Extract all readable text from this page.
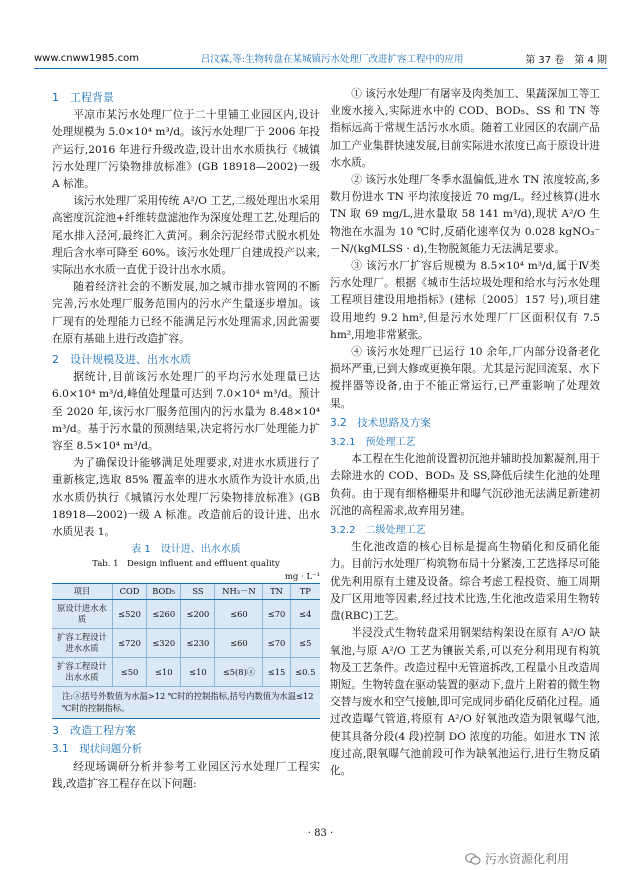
www.cnww1985.com	吕汶霖,等:生物转盘在某城镇污水处理厂改进扩容工程中的应用	第 37 卷　第 4 期
1　工程背景

平凉市某污水处理厂位于二十里铺工业园区内,设计处理规模为 5.0×10⁴ m³/d。该污水处理厂于 2006 年投产运行,2016 年进行升级改造,设计出水水质执行《城镇污水处理厂污染物排放标准》(GB 18918—2002)一级 A 标准。

该污水处理厂采用传统 A²/O 工艺,二级处理出水采用高密度沉淀池+纤维转盘滤池作为深度处理工艺,处理后的尾水排入泾河,最终汇入黄河。剩余污泥经带式脱水机处理后含水率可降至 60%。该污水处理厂自建成投产以来,实际出水水质一直优于设计出水水质。

随着经济社会的不断发展,加之城市排水管网的不断完善,污水处理厂服务范围内的污水产生量逐步增加。该厂现有的处理能力已经不能满足污水处理需求,因此需要在原有基础上进行改造扩容。

2　设计规模及进、出水水质

据统计,目前该污水处理厂的平均污水处理量已达 6.0×10⁴ m³/d,峰值处理量可达到 7.0×10⁴ m³/d。预计至 2020 年,该污水厂服务范围内的污水量为 8.48×10⁴ m³/d。基于污水量的预测结果,决定将污水厂处理能力扩容至 8.5×10⁴ m³/d。

为了确保设计能够满足处理要求,对进水水质进行了重新核定,选取 85% 覆盖率的进水水质作为设计水质,出水水质仍执行《城镇污水处理厂污染物排放标准》(GB 18918—2002)一级 A 标准。改造前后的设计进、出水水质见表 1。

表 1　设计进、出水水质
Tab. 1　Design influent and effluent quality
mg · L⁻¹
项目	COD	BOD₅	SS	NH₃－N	TN	TP
原设计进水水质	≤520	≤260	≤200	≤60	≤70	≤4
扩容工程设计进水水质	≤720	≤320	≤230	≤60	≤70	≤5
扩容工程设计出水水质	≤50	≤10	≤10	≤5(8)ⓐ	≤15	≤0.5
注:ⓐ括号外数值为水温>12 ℃时的控制指标,括号内数值为水温≤12 ℃时的控制指标。
3　改造工程方案
3.1　现状问题分析

经现场调研分析并参考工业园区污水处理厂工程实践,改造扩容工程存在以下问题:

① 该污水处理厂有屠宰及肉类加工、果蔬深加工等工业废水接入,实际进水中的 COD、BOD₅、SS 和 TN 等指标远高于常规生活污水水质。随着工业园区的农副产品加工产业集群快速发展,目前实际进水浓度已高于原设计进水水质。

② 该污水处理厂冬季水温偏低,进水 TN 浓度较高,多数月份进水 TN 平均浓度接近 70 mg/L。经过核算(进水 TN 取 69 mg/L,进水量取 58 141 m³/d),现状 A²/O 生物池在水温为 10 ℃时,反硝化速率仅为 0.028 kgNO₃⁻－N/(kgMLSS · d),生物脱氮能力无法满足要求。

③ 该污水厂扩容后规模为 8.5×10⁴ m³/d,属于Ⅳ类污水处理厂。根据《城市生活垃圾处理和给水与污水处理工程项目建设用地指标》(建标〔2005〕157 号),项目建设用地约 9.2 hm²,但是污水处理厂厂区面积仅有 7.5 hm²,用地非常紧张。

④ 该污水处理厂已运行 10 余年,厂内部分设备老化损坏严重,已到大修或更换年限。尤其是污泥回流泵、水下搅拌器等设备,由于不能正常运行,已严重影响了处理效果。

3.2　技术思路及方案
3.2.1　预处理工艺

本工程在生化池前设置初沉池并辅助投加絮凝剂,用于去除进水的 COD、BOD₅ 及 SS,降低后续生化池的处理负荷。由于现有细格栅渠井和曝气沉砂池无法满足新建初沉池的高程需求,故弃用另建。

3.2.2　二级处理工艺

生化池改造的核心目标是提高生物硝化和反硝化能力。目前污水处理厂构筑物布局十分紧凑,工艺选择尽可能优先利用原有土建及设备。综合考虑工程投资、施工周期及厂区用地等因素,经过技术比选,生化池改造采用生物转盘(RBC)工艺。

半浸没式生物转盘采用钢架结构架设在原有 A²/O 缺氧池,与原 A²/O 工艺为镶嵌关系,可以充分利用现有构筑物及工艺条件。改造过程中无管道拆改,工程量小且改造周期短。生物转盘在驱动装置的驱动下,盘片上附着的微生物交替与废水和空气接触,即可完成同步硝化反硝化过程。通过改造曝气管道,将原有 A²/O 好氧池改造为限氧曝气池,使其具备分段(4 段)控制 DO 浓度的功能。如进水 TN 浓度过高,限氧曝气池前段可作为缺氧池运行,进行生物反硝化。

· 83 ·
污水资源化利用
